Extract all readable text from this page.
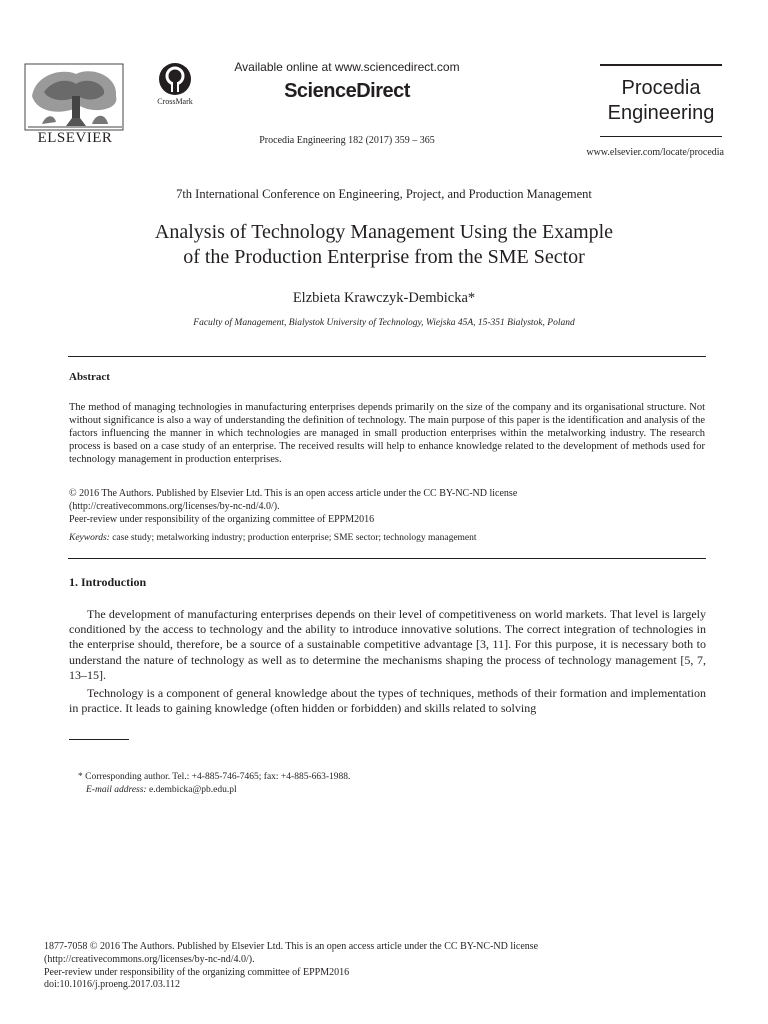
ELSEVIER
CrossMark
Available online at www.sciencedirect.com
ScienceDirect
Procedia Engineering 182 (2017) 359 – 365
Procedia
Engineering
www.elsevier.com/locate/procedia
7th International Conference on Engineering, Project, and Production Management
Analysis of Technology Management Using the Example
of the Production Enterprise from the SME Sector
Elzbieta Krawczyk-Dembicka*
Faculty of Management, Bialystok University of Technology, Wiejska 45A, 15-351 Bialystok, Poland
Abstract
The method of managing technologies in manufacturing enterprises depends primarily on the size of the company and its organisational structure. Not without significance is also a way of understanding the definition of technology. The main purpose of this paper is the identification and analysis of the factors influencing the manner in which technologies are managed in small production enterprises within the metalworking industry. The research process is based on a case study of an enterprise. The received results will help to enhance knowledge related to the development of methods used for technology management in production enterprises.
© 2016 The Authors. Published by Elsevier Ltd. This is an open access article under the CC BY-NC-ND license
(http://creativecommons.org/licenses/by-nc-nd/4.0/).
Peer-review under responsibility of the organizing committee of EPPM2016
Keywords: case study; metalworking industry; production enterprise; SME sector; technology management
1. Introduction
The development of manufacturing enterprises depends on their level of competitiveness on world markets. That level is largely conditioned by the access to technology and the ability to introduce innovative solutions. The correct integration of technologies in the enterprise should, therefore, be a source of a sustainable competitive advantage [3, 11]. For this purpose, it is necessary both to understand the nature of technology as well as to determine the mechanisms shaping the process of technology management [5, 7, 13–15].
Technology is a component of general knowledge about the types of techniques, methods of their formation and implementation in practice. It leads to gaining knowledge (often hidden or forbidden) and skills related to solving
* Corresponding author. Tel.: +4-885-746-7465; fax: +4-885-663-1988.
E-mail address: e.dembicka@pb.edu.pl
1877-7058 © 2016 The Authors. Published by Elsevier Ltd. This is an open access article under the CC BY-NC-ND license
(http://creativecommons.org/licenses/by-nc-nd/4.0/).
Peer-review under responsibility of the organizing committee of EPPM2016
doi:10.1016/j.proeng.2017.03.112
